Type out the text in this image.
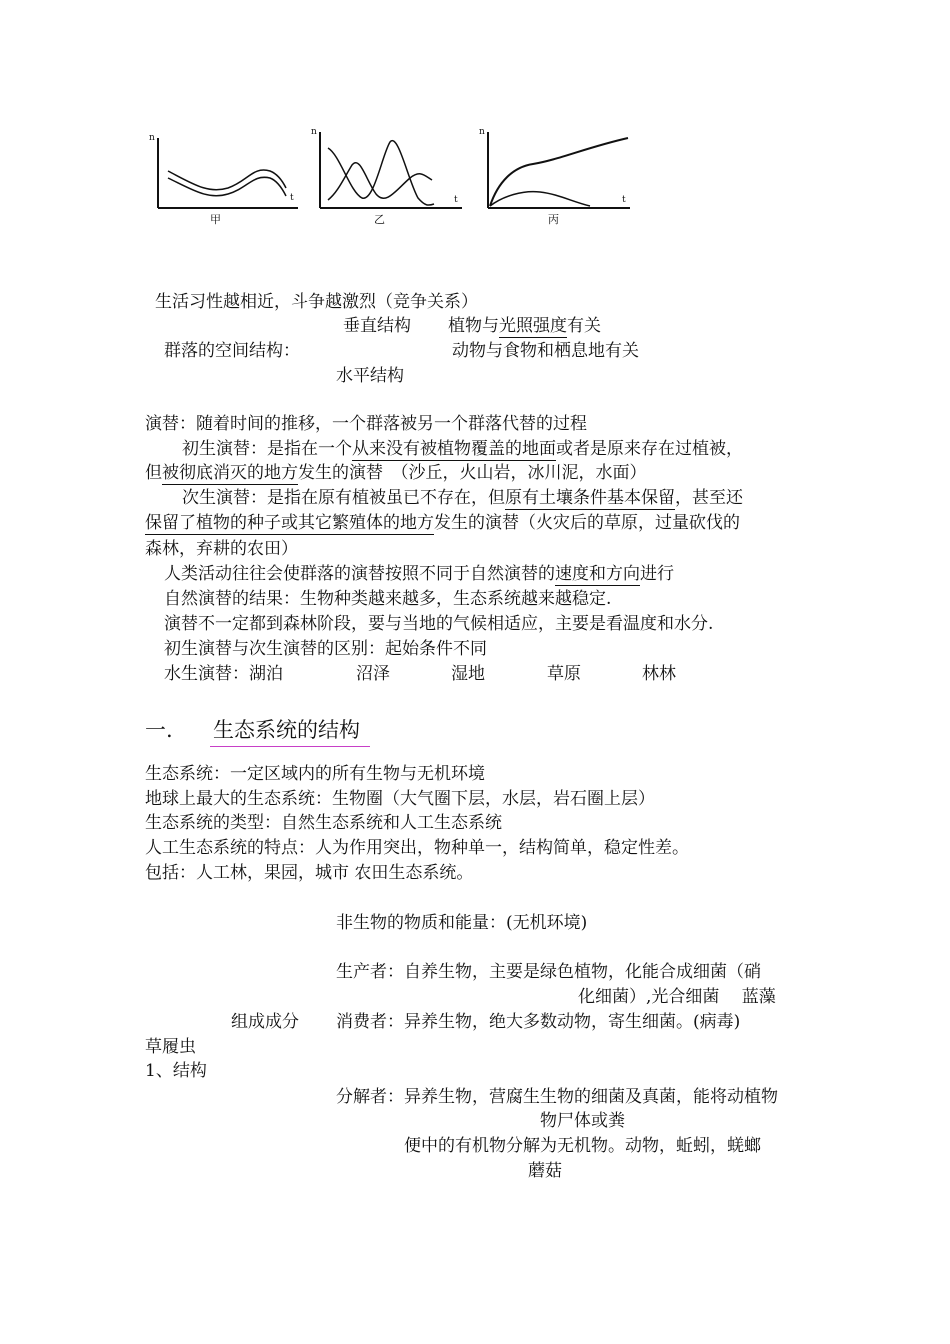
n
t
甲
n
t
乙
n
t
丙
生活习性越相近，斗争越激烈（竞争关系）
垂直结构 植物与光照强度有关
群落的空间结构：	动物与食物和栖息地有关
水平结构
演替：随着时间的推移，一个群落被另一个群落代替的过程
初生演替：是指在一个从来没有被植物覆盖的地面或者是原来存在过植被，
但被彻底消灭的地方发生的演替　（沙丘，火山岩，冰川泥，水面）
次生演替：是指在原有植被虽已不存在，但原有土壤条件基本保留，甚至还
保留了植物的种子或其它繁殖体的地方发生的演替（火灾后的草原，过量砍伐的
森林，弃耕的农田）
人类活动往往会使群落的演替按照不同于自然演替的速度和方向进行
自然演替的结果：生物种类越来越多，生态系统越来越稳定.
演替不一定都到森林阶段，要与当地的气候相适应，主要是看温度和水分.
初生演替与次生演替的区别：起始条件不同
水生演替：湖泊	沼泽	湿地	草原	林林
一. 生态系统的结构
生态系统：一定区域内的所有生物与无机环境
地球上最大的生态系统：生物圈（大气圈下层，水层，岩石圈上层）
生态系统的类型：自然生态系统和人工生态系统
人工生态系统的特点：人为作用突出，物种单一，结构简单，稳定性差。
包括：人工林，果园，城市 农田生态系统。
非生物的物质和能量：(无机环境)
生产者：自养生物，主要是绿色植物，化能合成细菌（硝
化细菌）,光合细菌　 蓝藻
组成成分 消费者：异养生物，绝大多数动物，寄生细菌。(病毒)
草履虫
1、结构
分解者：异养生物，营腐生生物的细菌及真菌，能将动植物
物尸体或粪
便中的有机物分解为无机物。动物，蚯蚓，蜣螂
蘑菇
